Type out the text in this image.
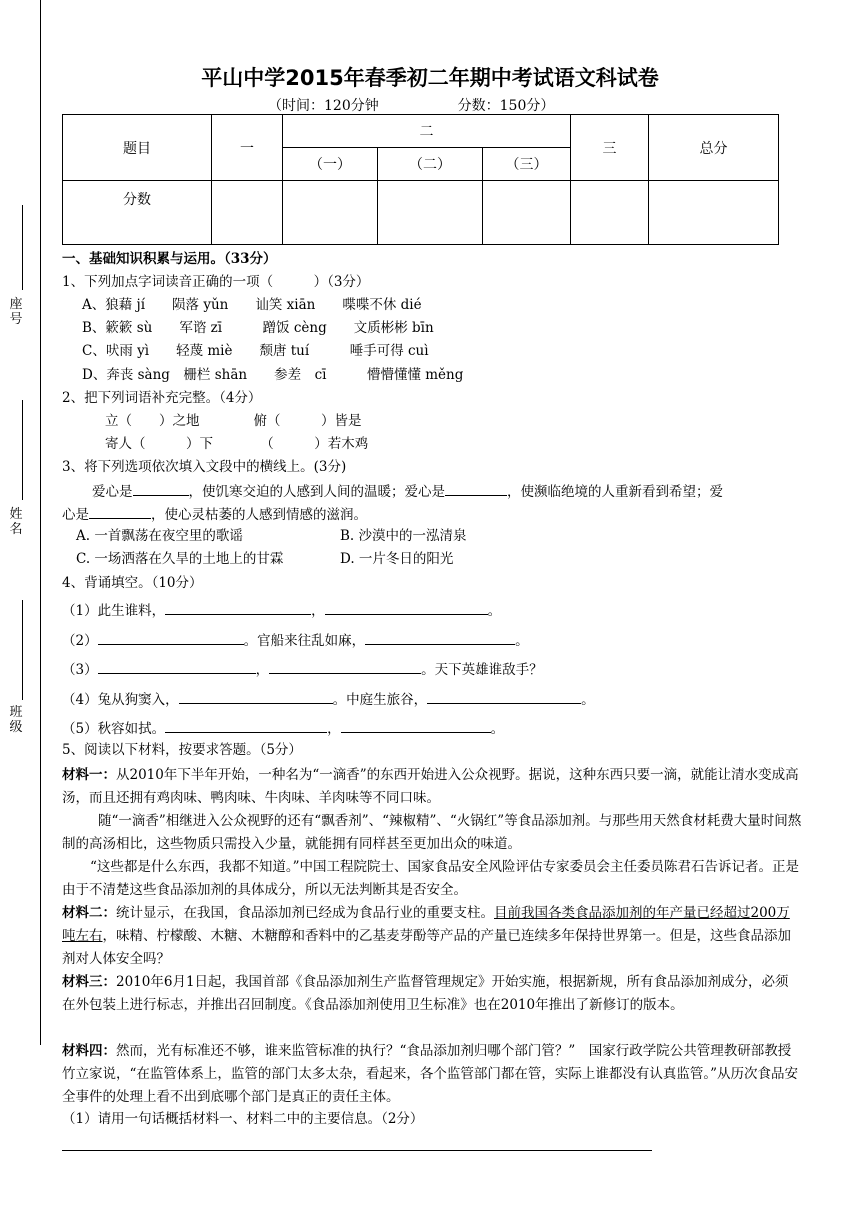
座号
姓名
班级
平山中学2015年春季初二年期中考试语文科试卷
（时间：120分钟	分数：150分）
题目	一	二			三	总分
		（一）	（二）	（三）		
分数						
一、基础知识积累与运用。（33分）
1、下列加点字词读音正确的一项（　　　）（3分）
A、狼藉 jí　　陨落 yǔn　　讪笑 xiān　　喋喋不休 dié
B、簌簌 sù　　军谘 zī　　　蹭饭 cèng　　文质彬彬 bīn
C、吠雨 yì　　轻蔑 miè　　颓唐 tuí　　　唾手可得 cuì
D、奔丧 sàng　栅栏 shān　　参差　cī　　　懵懵懂懂 měng
2、把下列词语补充完整。（4分）
立（　　）之地　　　　俯（　　　）皆是
寄人（　　　）下　　　　（　　　）若木鸡
3、将下列选项依次填入文段中的横线上。(3分)
爱心是	，使饥寒交迫的人感到人间的温暖；爱心是	，使濒临绝境的人重新看到希望；爱
心是	，使心灵枯萎的人感到情感的滋润。
A. 一首飘荡在夜空里的歌谣	B. 沙漠中的一泓清泉
C. 一场洒落在久旱的土地上的甘霖	D. 一片冬日的阳光
4、背诵填空。（10分）
（1）此生谁料，	，	。
（2）	。官船来往乱如麻，	。
（3）	，	。天下英雄谁敌手？
（4）兔从狗窦入，	。中庭生旅谷，	。
（5）秋容如拭。	，	。
5、阅读以下材料，按要求答题。（5分）
材料一：从2010年下半年开始，一种名为“一滴香”的东西开始进入公众视野。据说，这种东西只要一滴，就能让清水变成高汤，而且还拥有鸡肉味、鸭肉味、牛肉味、羊肉味等不同口味。
随“一滴香”相继进入公众视野的还有“飘香剂”、“辣椒精”、“火锅红”等食品添加剂。与那些用天然食材耗费大量时间熬制的高汤相比，这些物质只需投入少量，就能拥有同样甚至更加出众的味道。
“这些都是什么东西，我都不知道。”中国工程院院士、国家食品安全风险评估专家委员会主任委员陈君石告诉记者。正是由于不清楚这些食品添加剂的具体成分，所以无法判断其是否安全。
材料二：统计显示，在我国，食品添加剂已经成为食品行业的重要支柱。目前我国各类食品添加剂的年产量已经超过200万吨左右，味精、柠檬酸、木糖、木糖醇和香料中的乙基麦芽酚等产品的产量已连续多年保持世界第一。但是，这些食品添加剂对人体安全吗？
材料三：2010年6月1日起，我国首部《食品添加剂生产监督管理规定》开始实施，根据新规，所有食品添加剂成分，必须在外包装上进行标志，并推出召回制度。《食品添加剂使用卫生标准》也在2010年推出了新修订的版本。
材料四：然而，光有标准还不够，谁来监管标准的执行？“食品添加剂归哪个部门管？”　国家行政学院公共管理教研部教授竹立家说，“在监管体系上，监管的部门太多太杂，看起来，各个监管部门都在管，实际上谁都没有认真监管。”从历次食品安全事件的处理上看不出到底哪个部门是真正的责任主体。
（1）请用一句话概括材料一、材料二中的主要信息。（2分）
